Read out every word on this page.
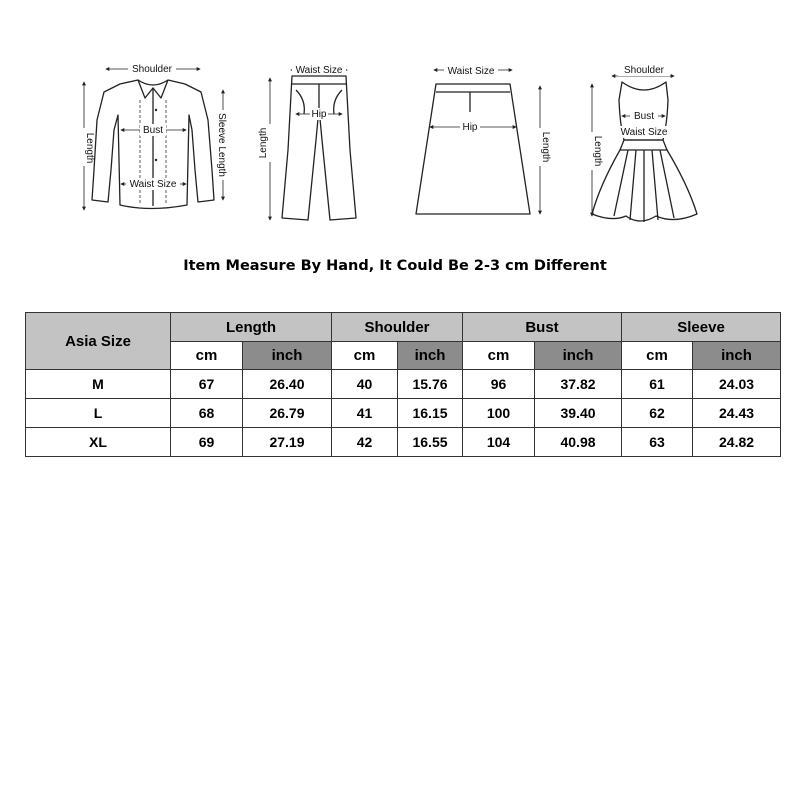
Shoulder
Bust
Waist Size
Length	Sleeve Length
Waist Size
Hip
Length
Waist Size
Hip
Length
Shoulder
Bust
Waist Size
Length
Item Measure By Hand, It Could Be 2-3 cm Different
Asia Size	Length		Shoulder		Bust		Sleeve	
	cm	inch	cm	inch	cm	inch	cm	inch
M	67	26.40	40	15.76	96	37.82	61	24.03
L	68	26.79	41	16.15	100	39.40	62	24.43
XL	69	27.19	42	16.55	104	40.98	63	24.82
